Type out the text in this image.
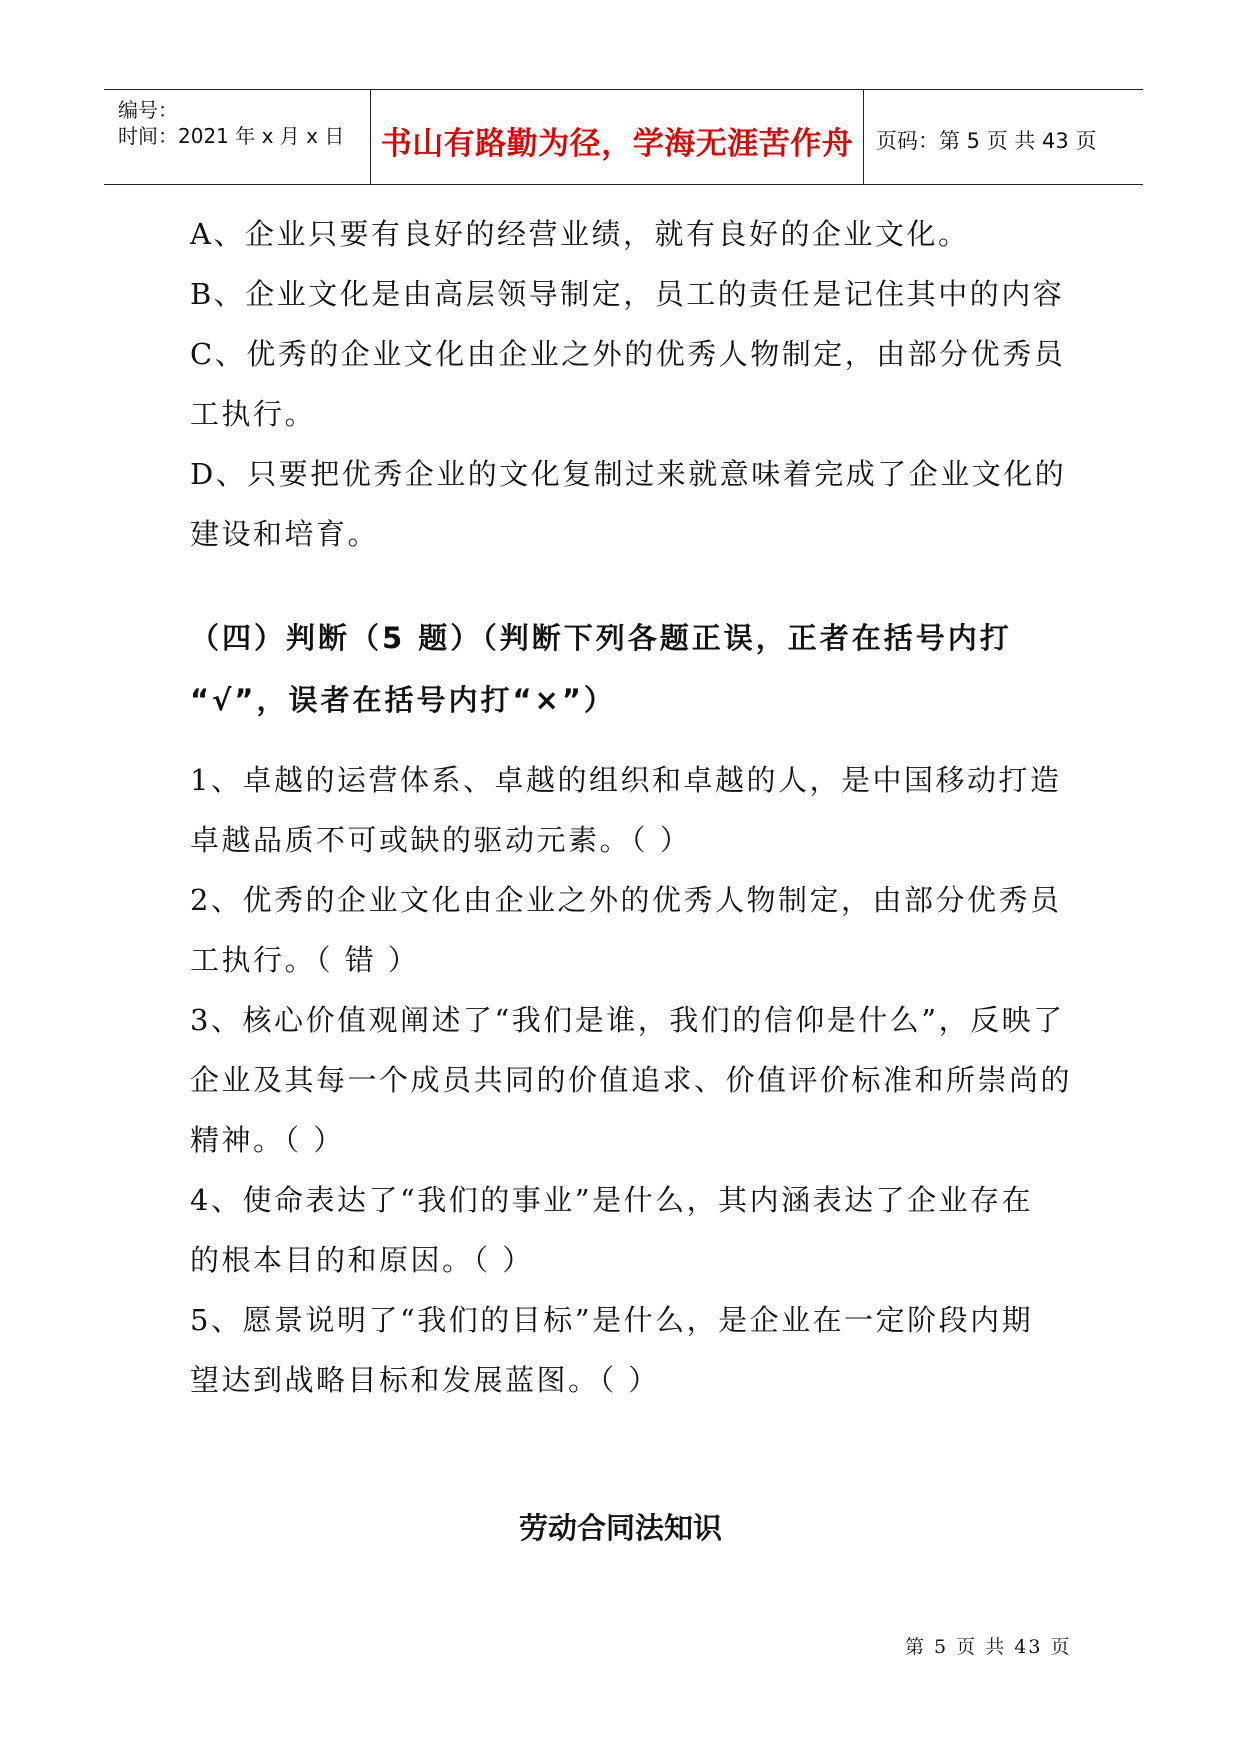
编号：
时间：2021 年 x 月 x 日	书山有路勤为径，学海无涯苦作舟	页码：第 5 页 共 43 页
A、企业只要有良好的经营业绩，就有良好的企业文化。
B、企业文化是由高层领导制定，员工的责任是记住其中的内容
C、优秀的企业文化由企业之外的优秀人物制定，由部分优秀员
工执行。
D、只要把优秀企业的文化复制过来就意味着完成了企业文化的
建设和培育。
（四）判断（5 题）（判断下列各题正误，正者在括号内打
“√”，误者在括号内打“×”）
1、卓越的运营体系、卓越的组织和卓越的人，是中国移动打造
卓越品质不可或缺的驱动元素。（ ）
2、优秀的企业文化由企业之外的优秀人物制定，由部分优秀员
工执行。（ 错 ）
3、核心价值观阐述了“我们是谁，我们的信仰是什么”，反映了
企业及其每一个成员共同的价值追求、价值评价标准和所崇尚的
精神。（ ）
4、使命表达了“我们的事业”是什么，其内涵表达了企业存在
的根本目的和原因。（ ）
5、愿景说明了“我们的目标”是什么，是企业在一定阶段内期
望达到战略目标和发展蓝图。（ ）
劳动合同法知识
第 5 页 共 43 页
